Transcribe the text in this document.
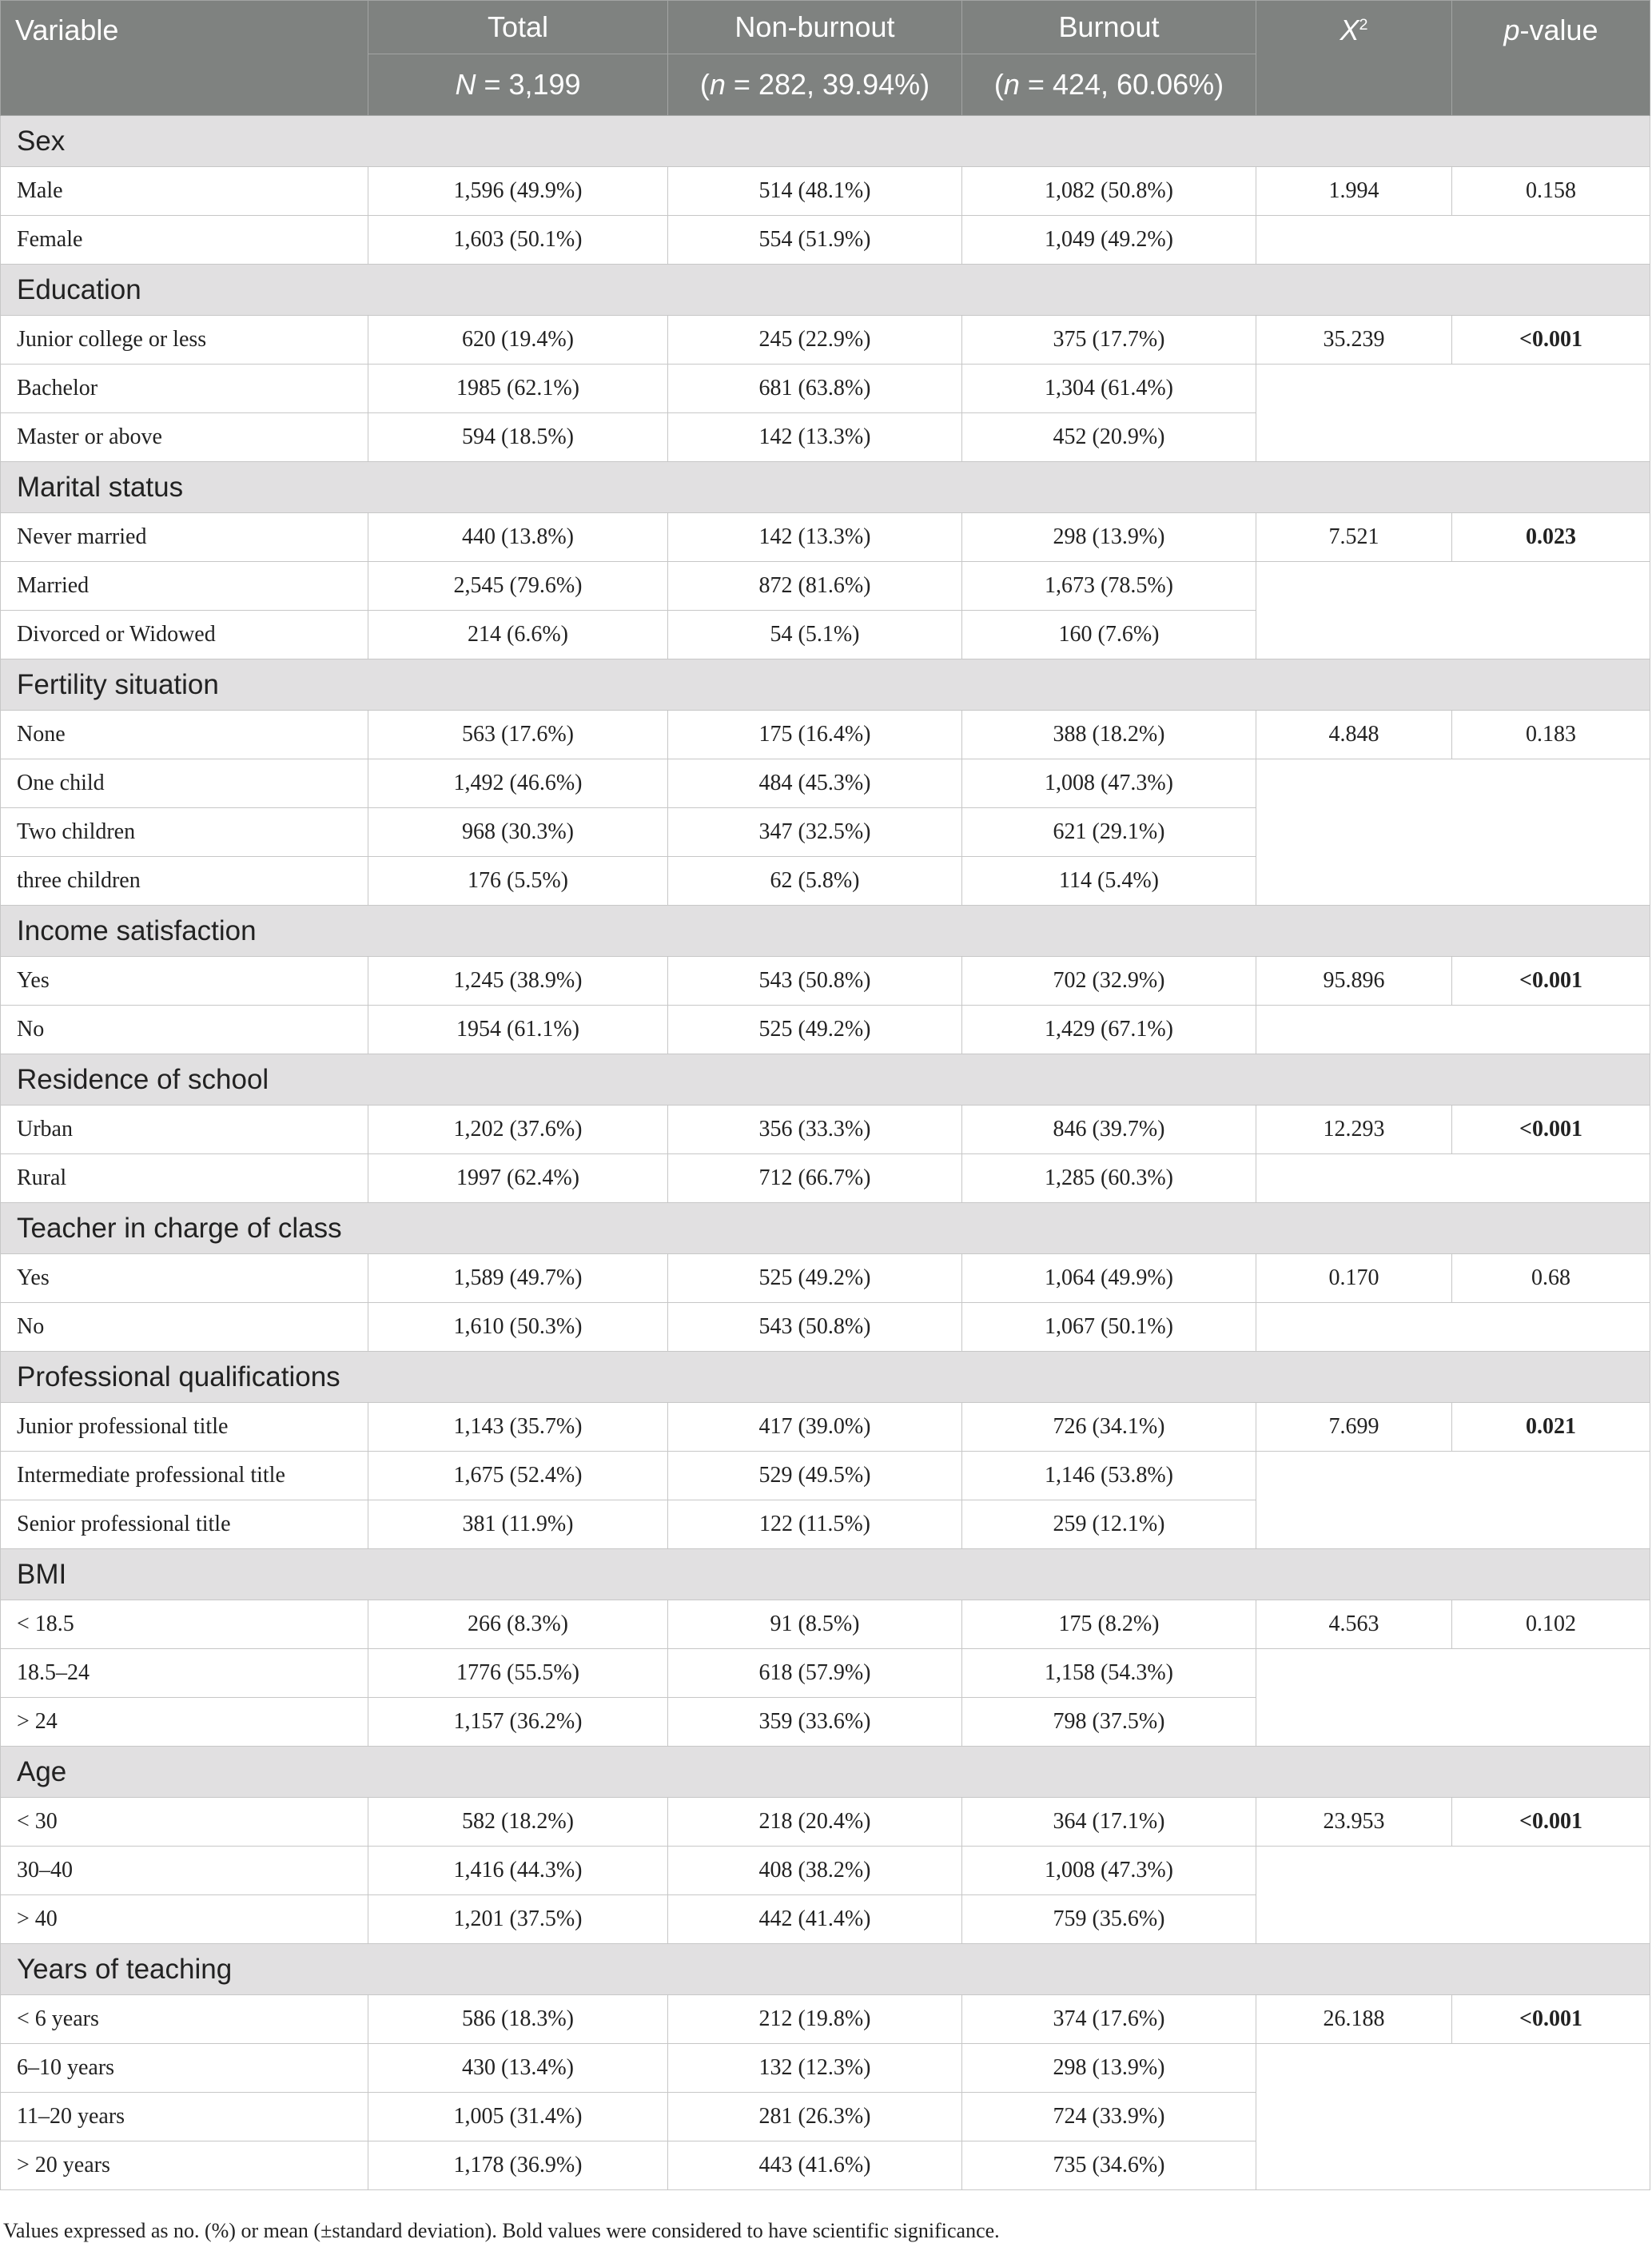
Variable	Total	Non-burnout	Burnout	$X^2$	p-value
	N = 3,199	(n = 282, 39.94%)	(n = 424, 60.06%)		
Sex					
Male	1,596 (49.9%)	514 (48.1%)	1,082 (50.8%)	1.994	0.158
Female	1,603 (50.1%)	554 (51.9%)	1,049 (49.2%)		
Education					
Junior college or less	620 (19.4%)	245 (22.9%)	375 (17.7%)	35.239	<0.001
Bachelor	1985 (62.1%)	681 (63.8%)	1,304 (61.4%)		
Master or above	594 (18.5%)	142 (13.3%)	452 (20.9%)		
Marital status					
Never married	440 (13.8%)	142 (13.3%)	298 (13.9%)	7.521	0.023
Married	2,545 (79.6%)	872 (81.6%)	1,673 (78.5%)		
Divorced or Widowed	214 (6.6%)	54 (5.1%)	160 (7.6%)		
Fertility situation					
None	563 (17.6%)	175 (16.4%)	388 (18.2%)	4.848	0.183
One child	1,492 (46.6%)	484 (45.3%)	1,008 (47.3%)		
Two children	968 (30.3%)	347 (32.5%)	621 (29.1%)		
three children	176 (5.5%)	62 (5.8%)	114 (5.4%)		
Income satisfaction					
Yes	1,245 (38.9%)	543 (50.8%)	702 (32.9%)	95.896	<0.001
No	1954 (61.1%)	525 (49.2%)	1,429 (67.1%)		
Residence of school					
Urban	1,202 (37.6%)	356 (33.3%)	846 (39.7%)	12.293	<0.001
Rural	1997 (62.4%)	712 (66.7%)	1,285 (60.3%)		
Teacher in charge of class					
Yes	1,589 (49.7%)	525 (49.2%)	1,064 (49.9%)	0.170	0.68
No	1,610 (50.3%)	543 (50.8%)	1,067 (50.1%)		
Professional qualifications					
Junior professional title	1,143 (35.7%)	417 (39.0%)	726 (34.1%)	7.699	0.021
Intermediate professional title	1,675 (52.4%)	529 (49.5%)	1,146 (53.8%)		
Senior professional title	381 (11.9%)	122 (11.5%)	259 (12.1%)		
BMI					
< 18.5	266 (8.3%)	91 (8.5%)	175 (8.2%)	4.563	0.102
18.5–24	1776 (55.5%)	618 (57.9%)	1,158 (54.3%)		
> 24	1,157 (36.2%)	359 (33.6%)	798 (37.5%)		
Age					
< 30	582 (18.2%)	218 (20.4%)	364 (17.1%)	23.953	<0.001
30–40	1,416 (44.3%)	408 (38.2%)	1,008 (47.3%)		
> 40	1,201 (37.5%)	442 (41.4%)	759 (35.6%)		
Years of teaching					
< 6 years	586 (18.3%)	212 (19.8%)	374 (17.6%)	26.188	<0.001
6–10 years	430 (13.4%)	132 (12.3%)	298 (13.9%)		
11–20 years	1,005 (31.4%)	281 (26.3%)	724 (33.9%)		
> 20 years	1,178 (36.9%)	443 (41.6%)	735 (34.6%)		
Values expressed as no. (%) or mean (±standard deviation). Bold values were considered to have scientific significance.
